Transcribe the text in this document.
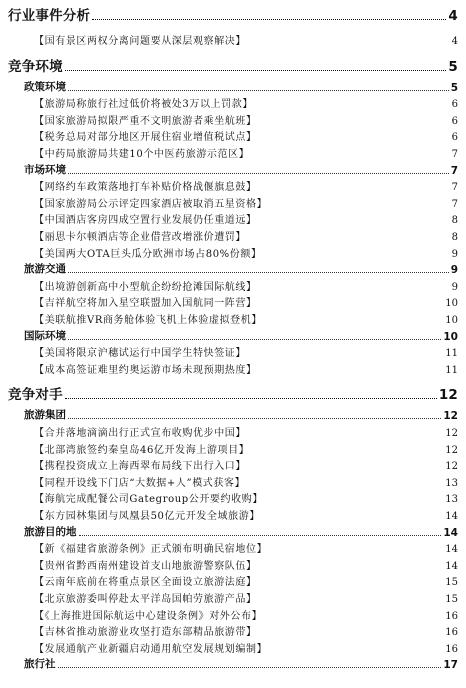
行业事件分析	4
【国有景区两权分离问题要从深层观察解决】	4
竞争环境	5
政策环境	5
【旅游局称旅行社过低价将被处3万以上罚款】	6
【国家旅游局拟限严重不文明旅游者乘坐航班】	6
【税务总局对部分地区开展住宿业增值税试点】	6
【中药局旅游局共建10个中医药旅游示范区】	7
市场环境	7
【网络约车政策落地打车补贴价格战偃旗息鼓】	7
【国家旅游局公示评定四家酒店被取消五星资格】	7
【中国酒店客房四成空置行业发展仍任重道远】	8
【丽思卡尔顿酒店等企业借营改增涨价遭罚】	8
【美国两大OTA巨头瓜分欧洲市场占80%份额】	9
旅游交通	9
【出境游创新高中小型航企纷纷抢滩国际航线】	9
【吉祥航空将加入星空联盟加入国航同一阵营】	10
【美联航推VR商务舱体验飞机上体验虚拟登机】	10
国际环境	10
【美国将限京沪穗试运行中国学生特快签证】	11
【成本高签证难里约奥运游市场未现预期热度】	11
竞争对手	12
旅游集团	12
【合并落地滴滴出行正式宣布收购优步中国】	12
【北部湾旅签约秦皇岛46亿开发海上游项目】	12
【携程投资成立上海西翠布局线下出行入口】	12
【同程开设线下门店“大数据+人”模式获客】	13
【海航完成配餐公司Gategroup公开要约收购】	13
【东方园林集团与凤凰县50亿元开发全域旅游】	14
旅游目的地	14
【新《福建省旅游条例》正式颁布明确民宿地位】	14
【贵州省黔西南州建设首支山地旅游警察队伍】	14
【云南年底前在将重点景区全面设立旅游法庭】	15
【北京旅游委叫停赴太平洋岛国帕劳旅游产品】	15
【《上海推进国际航运中心建设条例》对外公布】	16
【吉林省推动旅游业攻坚打造东部精品旅游带】	16
【发展通航产业新疆启动通用航空发展规划编制】	16
旅行社	17
